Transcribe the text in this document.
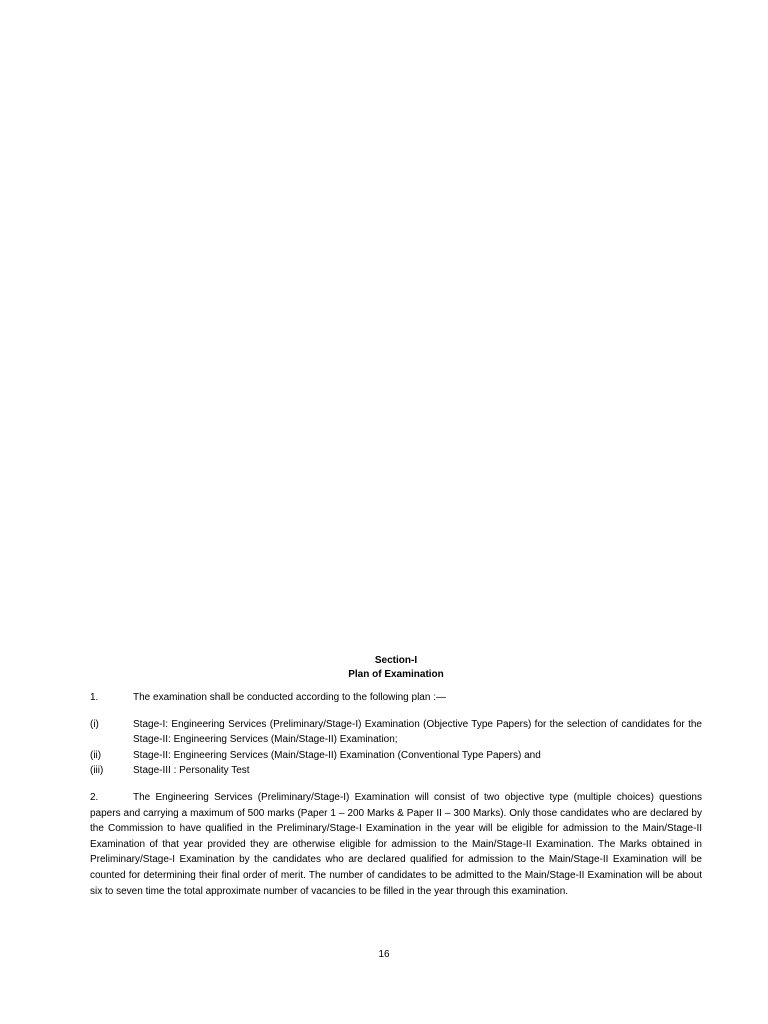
Section-I
Plan of Examination
1.	The examination shall be conducted according to the following plan :—
(i)	Stage-I: Engineering Services (Preliminary/Stage-I) Examination (Objective Type Papers) for the selection of candidates for the Stage-II: Engineering Services (Main/Stage-II) Examination;
(ii)	Stage-II: Engineering Services (Main/Stage-II) Examination (Conventional Type Papers) and
(iii)	Stage-III : Personality Test
2.	The Engineering Services (Preliminary/Stage-I) Examination will consist of two objective type (multiple choices) questions papers and carrying a maximum of 500 marks (Paper 1 – 200 Marks & Paper II – 300 Marks). Only those candidates who are declared by the Commission to have qualified in the Preliminary/Stage-I Examination in the year will be eligible for admission to the Main/Stage-II Examination of that year provided they are otherwise eligible for admission to the Main/Stage-II Examination. The Marks obtained in Preliminary/Stage-I Examination by the candidates who are declared qualified for admission to the Main/Stage-II Examination will be counted for determining their final order of merit. The number of candidates to be admitted to the Main/Stage-II Examination will be about six to seven time the total approximate number of vacancies to be filled in the year through this examination.
16
